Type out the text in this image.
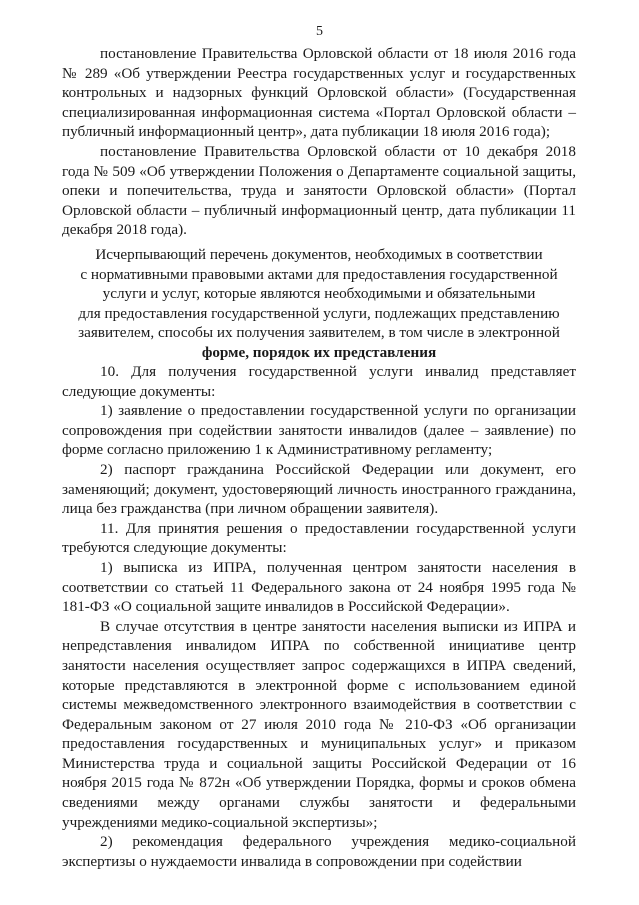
5

постановление Правительства Орловской области от 18 июля 2016 года № 289 «Об утверждении Реестра государственных услуг и государственных контрольных и надзорных функций Орловской области» (Государственная специализированная информационная система «Портал Орловской области – публичный информационный центр», дата публикации 18 июля 2016 года);

постановление Правительства Орловской области от 10 декабря 2018 года № 509 «Об утверждении Положения о Департаменте социальной защиты, опеки и попечительства, труда и занятости Орловской области» (Портал Орловской области – публичный информационный центр, дата публикации 11 декабря 2018 года).

Исчерпывающий перечень документов, необходимых в соответствии
с нормативными правовыми актами для предоставления государственной
услуги и услуг, которые являются необходимыми и обязательными
для предоставления государственной услуги, подлежащих представлению
заявителем, способы их получения заявителем, в том числе в электронной
форме, порядок их представления

10. Для получения государственной услуги инвалид представляет следующие документы:

1) заявление о предоставлении государственной услуги по организации сопровождения при содействии занятости инвалидов (далее – заявление) по форме согласно приложению 1 к Административному регламенту;

2) паспорт гражданина Российской Федерации или документ, его заменяющий; документ, удостоверяющий личность иностранного гражданина, лица без гражданства (при личном обращении заявителя).

11. Для принятия решения о предоставлении государственной услуги требуются следующие документы:

1) выписка из ИПРА, полученная центром занятости населения в соответствии со статьей 11 Федерального закона от 24 ноября 1995 года № 181-ФЗ «О социальной защите инвалидов в Российской Федерации».

В случае отсутствия в центре занятости населения выписки из ИПРА и непредставления инвалидом ИПРА по собственной инициативе центр занятости населения осуществляет запрос содержащихся в ИПРА сведений, которые представляются в электронной форме с использованием единой системы межведомственного электронного взаимодействия в соответствии с Федеральным законом от 27 июля 2010 года № 210-ФЗ «Об организации предоставления государственных и муниципальных услуг» и приказом Министерства труда и социальной защиты Российской Федерации от 16 ноября 2015 года № 872н «Об утверждении Порядка, формы и сроков обмена сведениями между органами службы занятости и федеральными учреждениями медико-социальной экспертизы»;

2) рекомендация федерального учреждения медико-социальной экспертизы о нуждаемости инвалида в сопровождении при содействии
